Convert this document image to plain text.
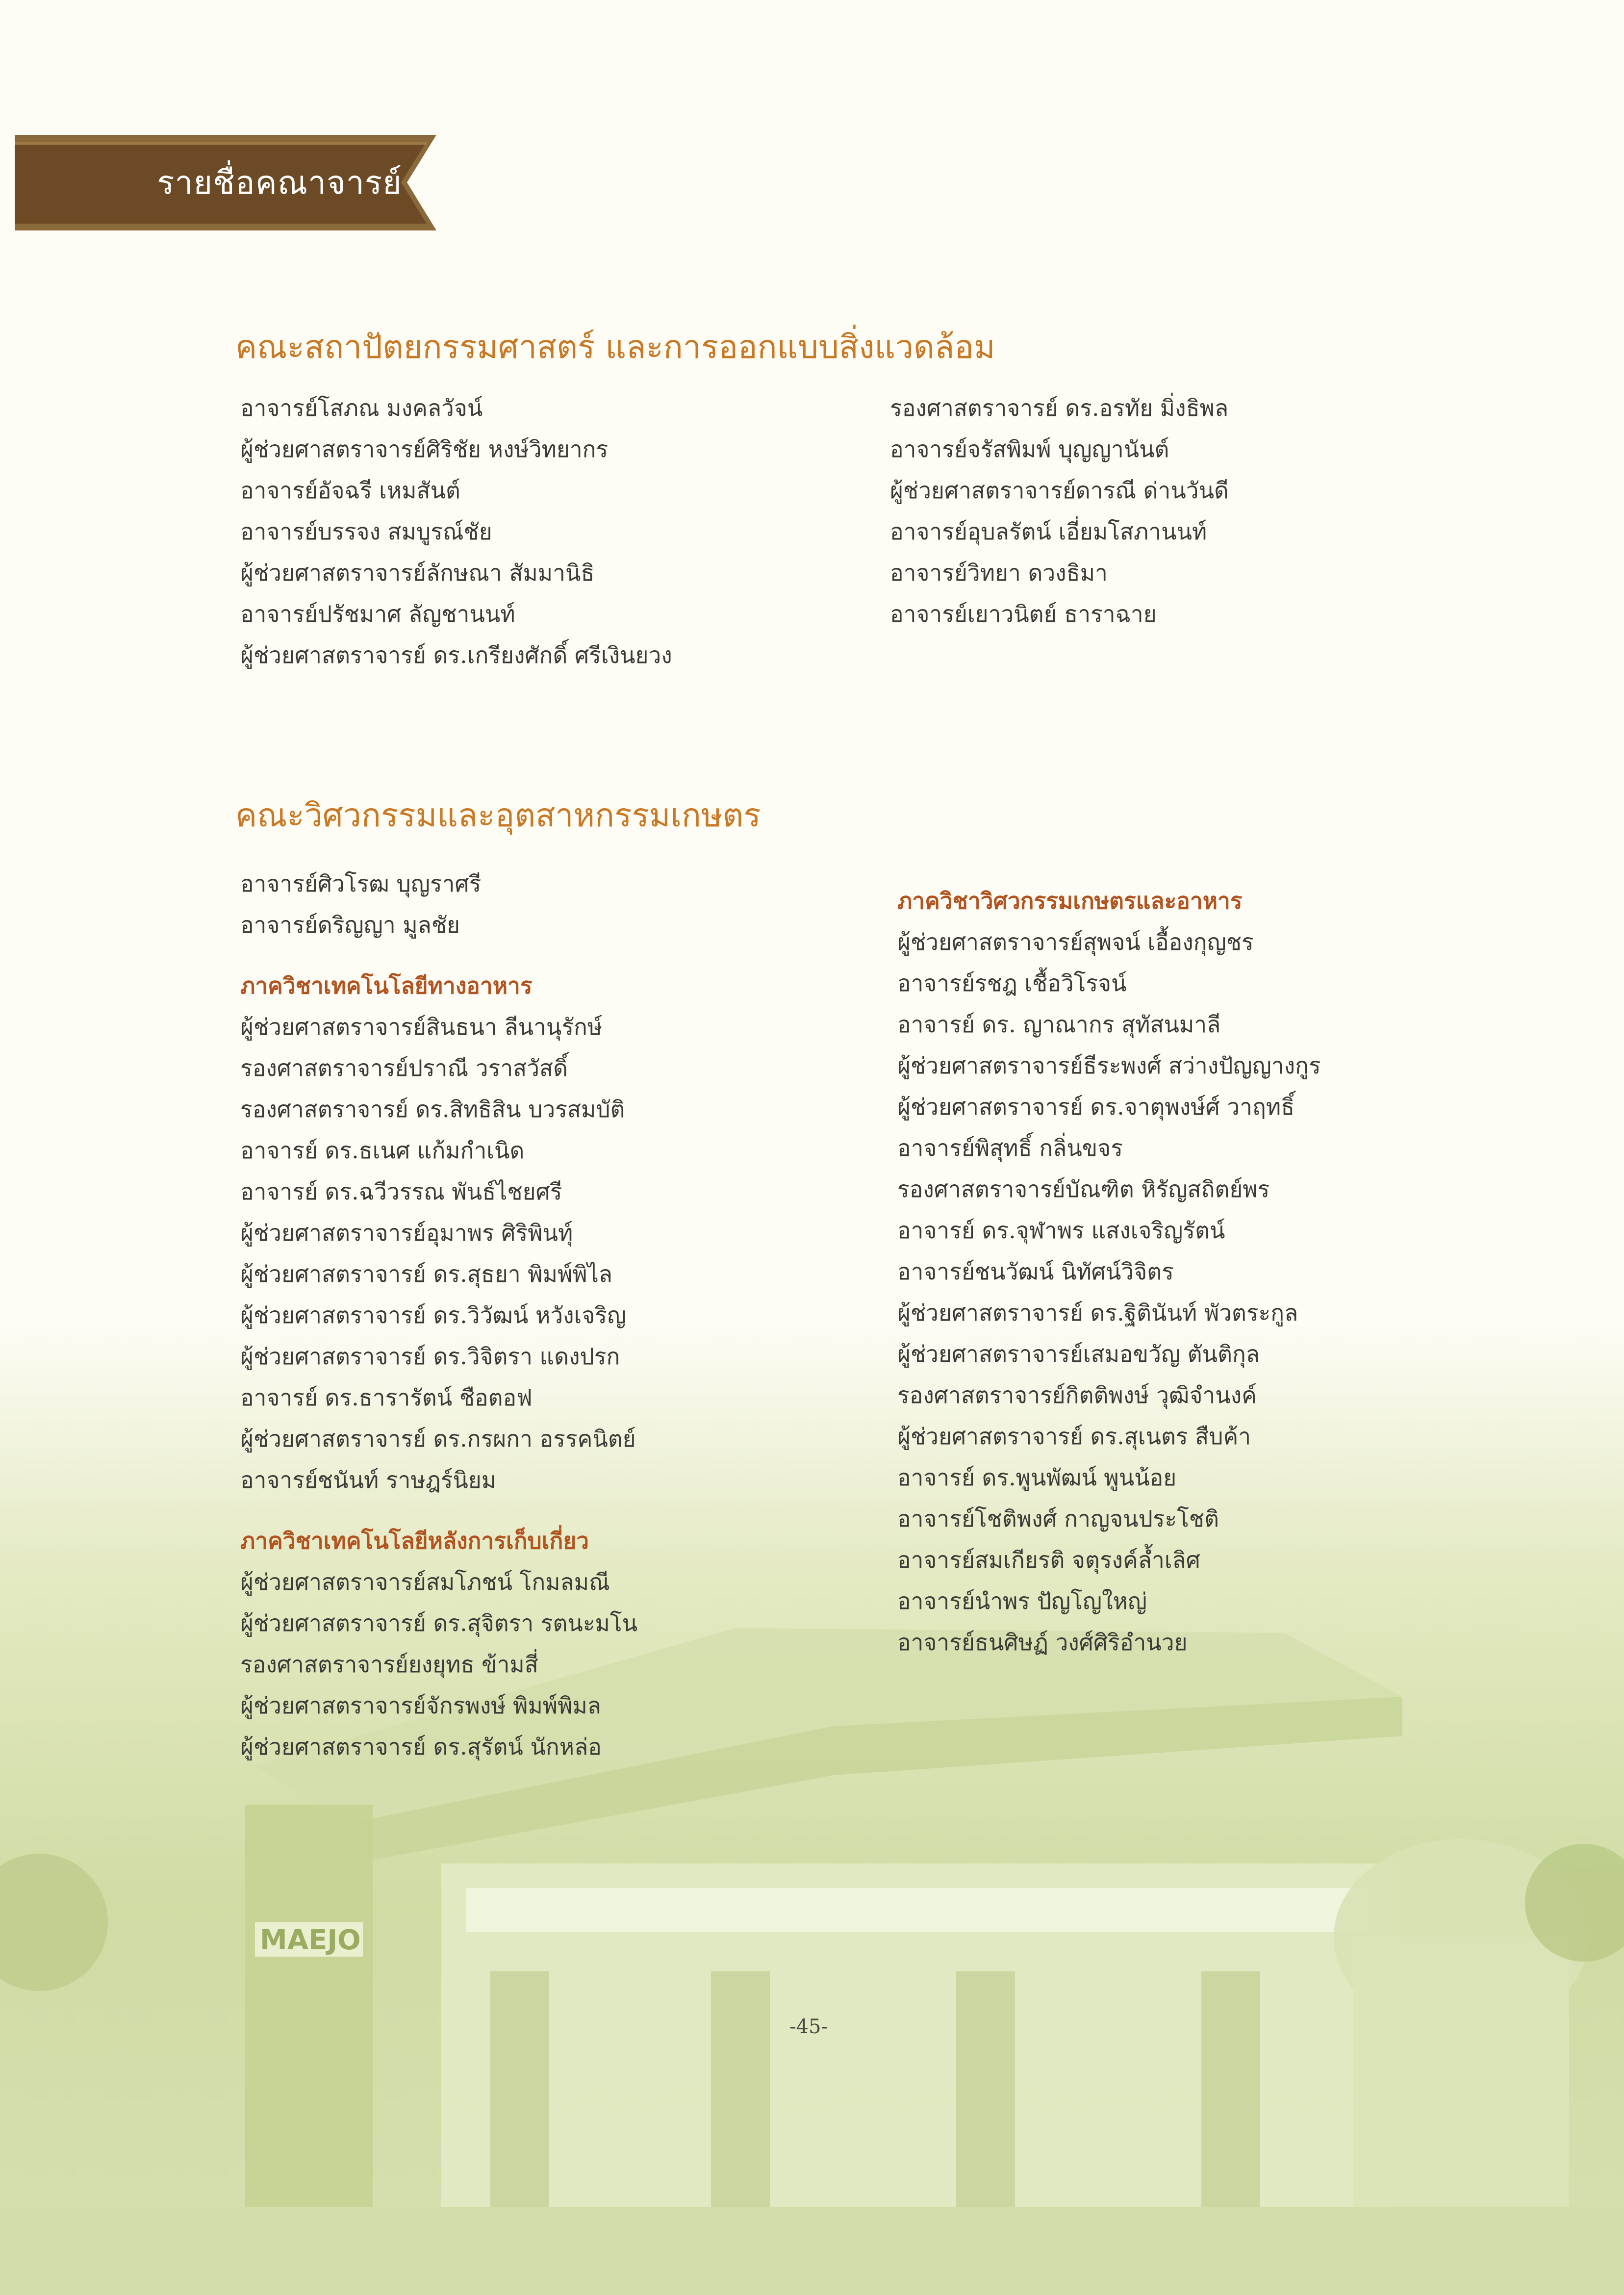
MAEJO
รายชื่อคณาจารย์
คณะสถาปัตยกรรมศาสตร์ และการออกแบบสิ่งแวดล้อม
อาจารย์โสภณ มงคลวัจน์
ผู้ช่วยศาสตราจารย์ศิริชัย หงษ์วิทยากร
อาจารย์อัจฉรี เหมสันต์
อาจารย์บรรจง สมบูรณ์ชัย
ผู้ช่วยศาสตราจารย์ลักษณา สัมมานิธิ
อาจารย์ปรัชมาศ ลัญชานนท์
ผู้ช่วยศาสตราจารย์ ดร.เกรียงศักดิ์ ศรีเงินยวง
รองศาสตราจารย์ ดร.อรทัย มิ่งธิพล
อาจารย์จรัสพิมพ์ บุญญานันต์
ผู้ช่วยศาสตราจารย์ดารณี ด่านวันดี
อาจารย์อุบลรัตน์ เอี่ยมโสภานนท์
อาจารย์วิทยา ดวงธิมา
อาจารย์เยาวนิตย์ ธาราฉาย
คณะวิศวกรรมและอุตสาหกรรมเกษตร
อาจารย์ศิวโรฒ บุญราศรี
อาจารย์ดริญญา มูลชัย
ภาควิชาเทคโนโลยีทางอาหาร
ผู้ช่วยศาสตราจารย์สินธนา ลีนานุรักษ์
รองศาสตราจารย์ปราณี วราสวัสดิ์
รองศาสตราจารย์ ดร.สิทธิสิน บวรสมบัติ
อาจารย์ ดร.ธเนศ แก้มกำเนิด
อาจารย์ ดร.ฉวีวรรณ พันธ์ไชยศรี
ผู้ช่วยศาสตราจารย์อุมาพร ศิริพินทุ์
ผู้ช่วยศาสตราจารย์ ดร.สุธยา พิมพ์พิไล
ผู้ช่วยศาสตราจารย์ ดร.วิวัฒน์ หวังเจริญ
ผู้ช่วยศาสตราจารย์ ดร.วิจิตรา แดงปรก
อาจารย์ ดร.ธารารัตน์ ชือตอฟ
ผู้ช่วยศาสตราจารย์ ดร.กรผกา อรรคนิตย์
อาจารย์ชนันท์ ราษฎร์นิยม
ภาควิชาเทคโนโลยีหลังการเก็บเกี่ยว
ผู้ช่วยศาสตราจารย์สมโภชน์ โกมลมณี
ผู้ช่วยศาสตราจารย์ ดร.สุจิตรา รตนะมโน
รองศาสตราจารย์ยงยุทธ ข้ามสี่
ผู้ช่วยศาสตราจารย์จักรพงษ์ พิมพ์พิมล
ผู้ช่วยศาสตราจารย์ ดร.สุรัตน์ นักหล่อ
ภาควิชาวิศวกรรมเกษตรและอาหาร
ผู้ช่วยศาสตราจารย์สุพจน์ เอื้องกุญชร
อาจารย์รชฎ เชื้อวิโรจน์
อาจารย์ ดร. ญาณากร สุทัสนมาลี
ผู้ช่วยศาสตราจารย์ธีระพงศ์ สว่างปัญญางกูร
ผู้ช่วยศาสตราจารย์ ดร.จาตุพงษ์ศ์ วาฤทธิ์
อาจารย์พิสุทธิ์ กลิ่นขจร
รองศาสตราจารย์บัณฑิต หิรัญสถิตย์พร
อาจารย์ ดร.จุฬาพร แสงเจริญรัตน์
อาจารย์ชนวัฒน์ นิทัศน์วิจิตร
ผู้ช่วยศาสตราจารย์ ดร.ฐิตินันท์ พัวตระกูล
ผู้ช่วยศาสตราจารย์เสมอขวัญ ตันติกุล
รองศาสตราจารย์กิตติพงษ์ วุฒิจำนงค์
ผู้ช่วยศาสตราจารย์ ดร.สุเนตร สืบค้า
อาจารย์ ดร.พูนพัฒน์ พูนน้อย
อาจารย์โชติพงศ์ กาญจนประโชติ
อาจารย์สมเกียรติ จตุรงค์ล้ำเลิศ
อาจารย์นำพร ปัญโญใหญ่
อาจารย์ธนศิษฏ์ วงศ์ศิริอำนวย
-45-
